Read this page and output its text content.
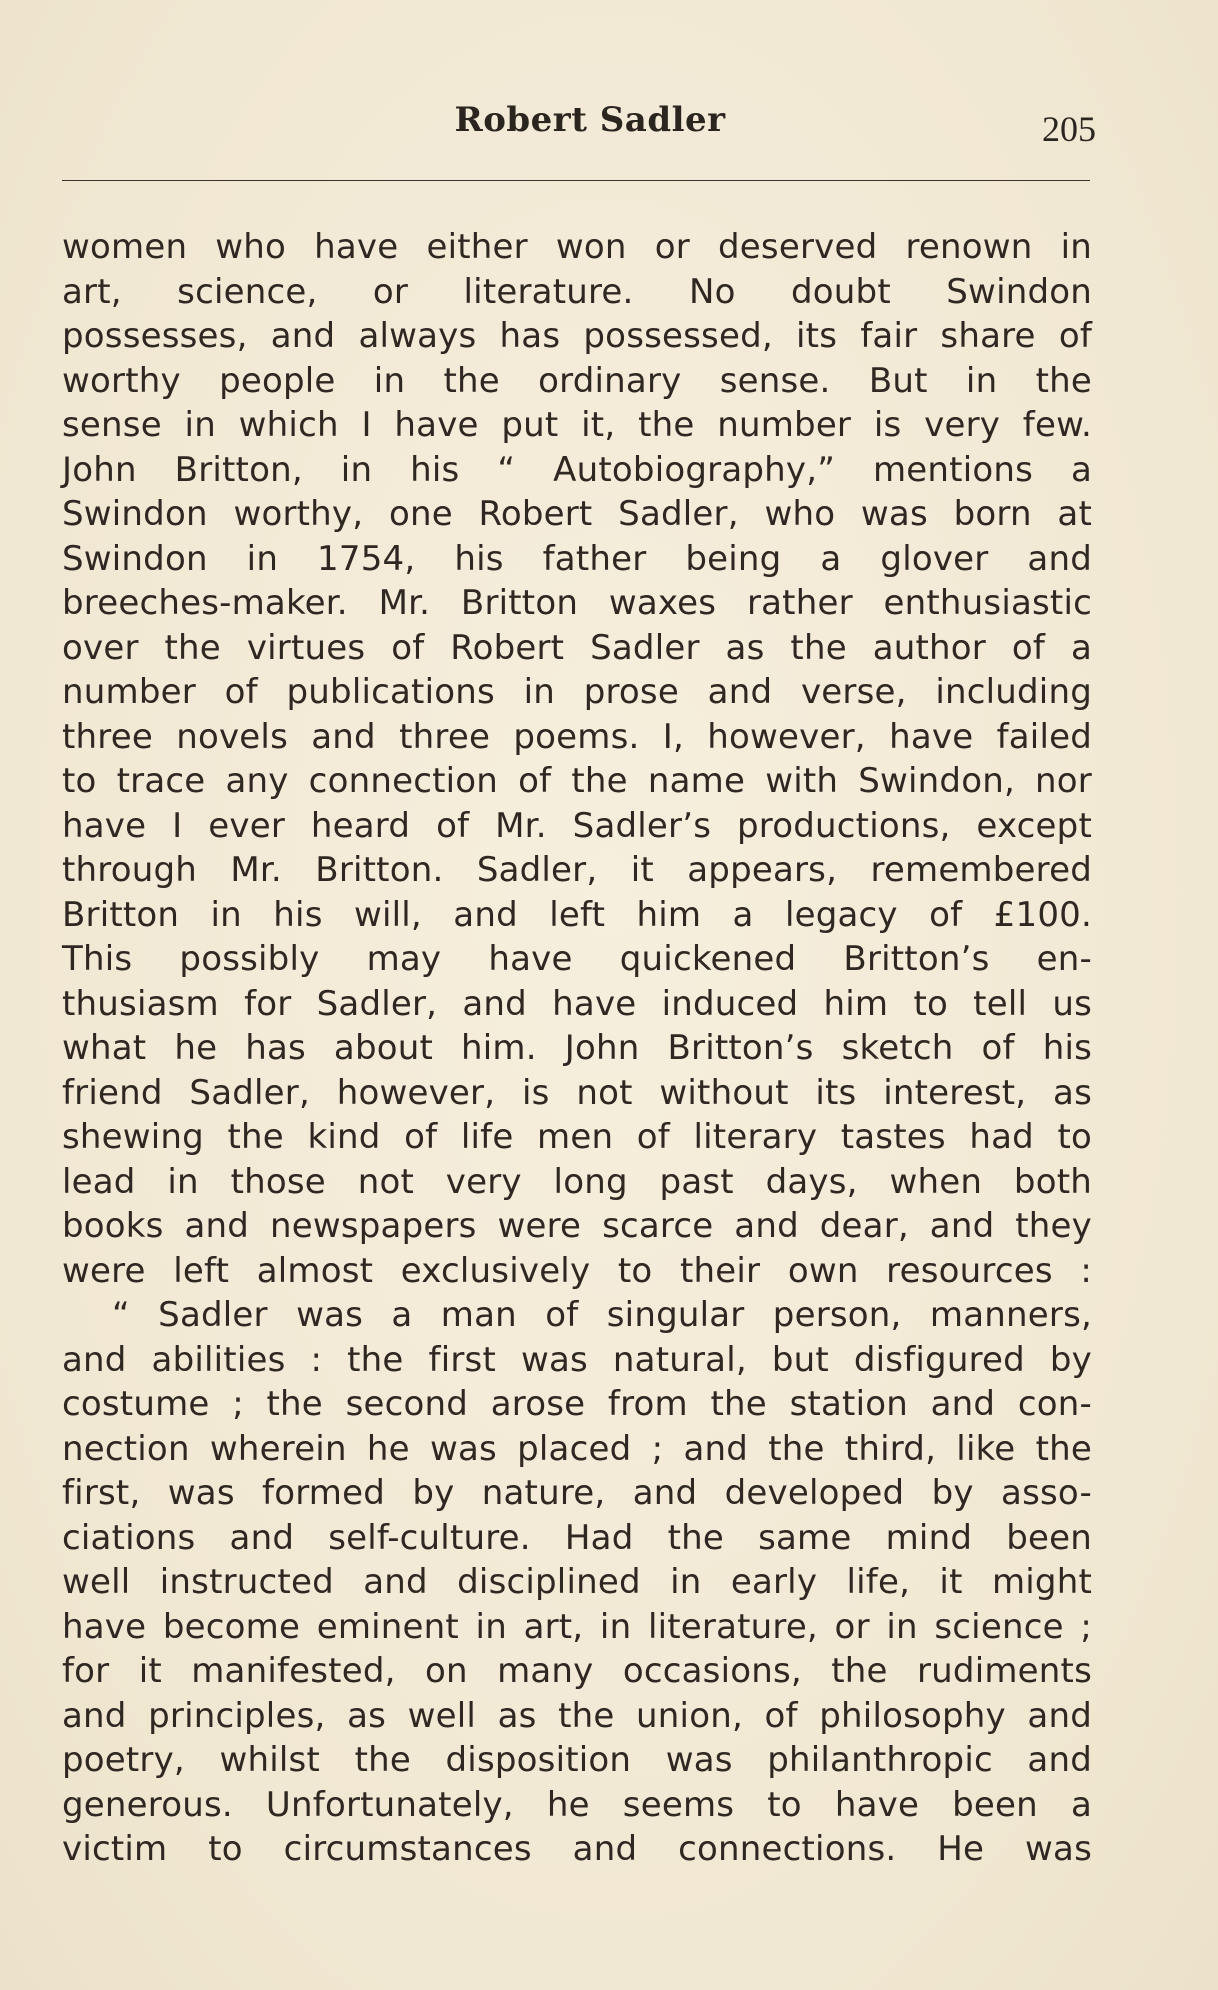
Robert Sadler	205
women who have either won or deserved renown in
art, science, or literature. No doubt Swindon
possesses, and always has possessed, its fair share of
worthy people in the ordinary sense. But in the
sense in which I have put it, the number is very few.
John Britton, in his “ Autobiography,” mentions a
Swindon worthy, one Robert Sadler, who was born at
Swindon in 1754, his father being a glover and
breeches-maker. Mr. Britton waxes rather enthusiastic
over the virtues of Robert Sadler as the author of a
number of publications in prose and verse, including
three novels and three poems. I, however, have failed
to trace any connection of the name with Swindon, nor
have I ever heard of Mr. Sadler’s productions, except
through Mr. Britton. Sadler, it appears, remembered
Britton in his will, and left him a legacy of £100.
This possibly may have quickened Britton’s en-
thusiasm for Sadler, and have induced him to tell us
what he has about him. John Britton’s sketch of his
friend Sadler, however, is not without its interest, as
shewing the kind of life men of literary tastes had to
lead in those not very long past days, when both
books and newspapers were scarce and dear, and they
were left almost exclusively to their own resources :
“ Sadler was a man of singular person, manners,
and abilities : the first was natural, but disfigured by
costume ; the second arose from the station and con-
nection wherein he was placed ; and the third, like the
first, was formed by nature, and developed by asso-
ciations and self-culture. Had the same mind been
well instructed and disciplined in early life, it might
have become eminent in art, in literature, or in science ;
for it manifested, on many occasions, the rudiments
and principles, as well as the union, of philosophy and
poetry, whilst the disposition was philanthropic and
generous. Unfortunately, he seems to have been a
victim to circumstances and connections. He was
